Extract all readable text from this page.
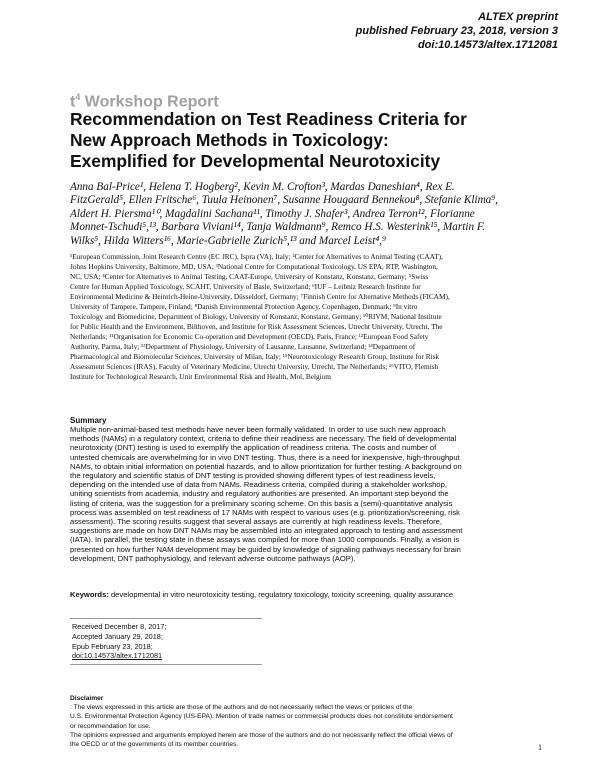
ALTEX preprint
published February 23, 2018, version 3
doi:10.14573/altex.1712081
$t^4$ Workshop Report
Recommendation on Test Readiness Criteria for
New Approach Methods in Toxicology:
Exemplified for Developmental Neurotoxicity
Anna Bal-Price¹, Helena T. Hogberg², Kevin M. Crofton³, Mardas Daneshian⁴, Rex E.
FitzGerald⁵, Ellen Fritsche⁶, Tuula Heinonen⁷, Susanne Hougaard Bennekou⁸, Stefanie Klima⁹,
Aldert H. Piersma¹⁰, Magdalini Sachana¹¹, Timothy J. Shafer³, Andrea Terron¹², Florianne
Monnet-Tschudi⁵,¹³, Barbara Viviani¹⁴, Tanja Waldmann⁹, Remco H.S. Westerink¹⁵, Martin F.
Wilks⁵, Hilda Witters¹⁶, Marie-Gabrielle Zurich⁵,¹³ and Marcel Leist⁴,⁹
¹European Commission, Joint Research Centre (EC JRC), Ispra (VA), Italy; ²Center for Alternatives to Animal Testing (CAAT),
Johns Hopkins University, Baltimore, MD, USA; ³National Centre for Computational Toxicology, US EPA, RTP, Washington,
NC, USA; ⁴Center for Alternatives to Animal Testing, CAAT-Europe, University of Konstanz, Konstanz, Germany; ⁵Swiss
Centre for Human Applied Toxicology, SCAHT, University of Basle, Switzerland; ⁶IUF – Leibniz Research Institute for
Environmental Medicine & Heinrich-Heine-University, Düsseldorf, Germany; ⁷Finnish Centre for Alternative Methods (FICAM),
University of Tampere, Tampere, Finland; ⁸Danish Environmental Protection Agency, Copenhagen, Denmark; ⁹In vitro
Toxicology and Biomedicine, Department of Biology, University of Konstanz, Konstanz, Germany; ¹⁰RIVM, National Institute
for Public Health and the Environment, Bilthoven, and Institute for Risk Assessment Sciences, Utrecht University, Utrecht, The
Netherlands; ¹¹Organisation for Economic Co-operation and Development (OECD), Paris, France; ¹²European Food Safety
Authority, Parma, Italy; ¹³Department of Physiology, University of Lausanne, Lausanne, Switzerland; ¹⁴Department of
Pharmacological and Biomolecular Sciences, University of Milan, Italy; ¹⁵Neurotoxicology Research Group, Institute for Risk
Assessment Sciences (IRAS), Faculty of Veterinary Medicine, Utrecht University, Utrecht, The Netherlands; ¹⁶VITO, Flemish
Institute for Technological Research, Unit Environmental Risk and Health, Mol, Belgium
Summary
Multiple non-animal-based test methods have never been formally validated. In order to use such new approach
methods (NAMs) in a regulatory context, criteria to define their readiness are necessary. The field of developmental
neurotoxicity (DNT) testing is used to exemplify the application of readiness criteria. The costs and number of
untested chemicals are overwhelming for in vivo DNT testing. Thus, there is a need for inexpensive, high-throughput
NAMs, to obtain initial information on potential hazards, and to allow prioritization for further testing. A background on
the regulatory and scientific status of DNT testing is provided showing different types of test readiness levels,
depending on the intended use of data from NAMs. Readiness criteria, compiled during a stakeholder workshop,
uniting scientists from academia, industry and regulatory authorities are presented. An important step beyond the
listing of criteria, was the suggestion for a preliminary scoring scheme. On this basis a (semi)-quantitative analysis
process was assembled on test readiness of 17 NAMs with respect to various uses (e.g. prioritization/screening, risk
assessment). The scoring results suggest that several assays are currently at high readiness levels. Therefore,
suggestions are made on how DNT NAMs may be assembled into an integrated approach to testing and assessment
(IATA). In parallel, the testing state in these assays was compiled for more than 1000 compounds. Finally, a vision is
presented on how further NAM development may be guided by knowledge of signaling pathways necessary for brain
development, DNT pathophysiology, and relevant adverse outcome pathways (AOP).
Keywords: developmental in vitro neurotoxicity testing, regulatory toxicology, toxicity screening, quality assurance
Received December 8, 2017;
Accepted January 29, 2018;
Epub February 23, 2018;
doi:10.14573/altex.1712081
Disclaimer
: The views expressed in this article are those of the authors and do not necessarily reflect the views or policies of the
U.S. Environmental Protection Agency (US-EPA). Mention of trade names or commercial products does not constitute endorsement
or recommendation for use.
The opinions expressed and arguments employed herein are those of the authors and do not necessarily reflect the official views of
the OECD or of the governments of its member countries.	1
